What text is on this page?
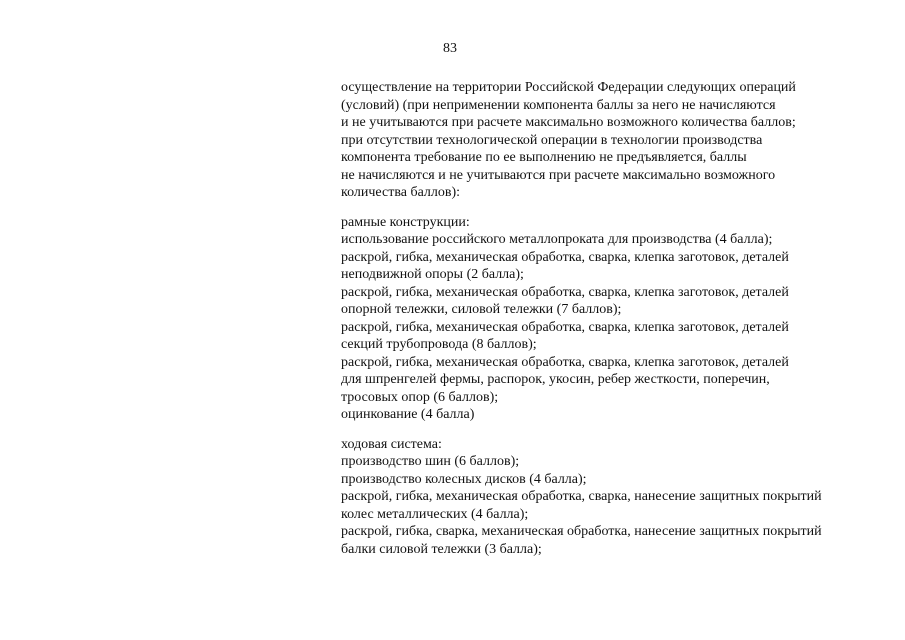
83
осуществление на территории Российской Федерации следующих операций
(условий) (при неприменении компонента баллы за него не начисляются
и не учитываются при расчете максимально возможного количества баллов;
при отсутствии технологической операции в технологии производства
компонента требование по ее выполнению не предъявляется, баллы
не начисляются и не учитываются при расчете максимально возможного
количества баллов):
рамные конструкции:
использование российского металлопроката для производства (4 балла);
раскрой, гибка, механическая обработка, сварка, клепка заготовок, деталей
неподвижной опоры (2 балла);
раскрой, гибка, механическая обработка, сварка, клепка заготовок, деталей
опорной тележки, силовой тележки (7 баллов);
раскрой, гибка, механическая обработка, сварка, клепка заготовок, деталей
секций трубопровода (8 баллов);
раскрой, гибка, механическая обработка, сварка, клепка заготовок, деталей
для шпренгелей фермы, распорок, укосин, ребер жесткости, поперечин,
тросовых опор (6 баллов);
оцинкование (4 балла)
ходовая система:
производство шин (6 баллов);
производство колесных дисков (4 балла);
раскрой, гибка, механическая обработка, сварка, нанесение защитных покрытий
колес металлических (4 балла);
раскрой, гибка, сварка, механическая обработка, нанесение защитных покрытий
балки силовой тележки (3 балла);
